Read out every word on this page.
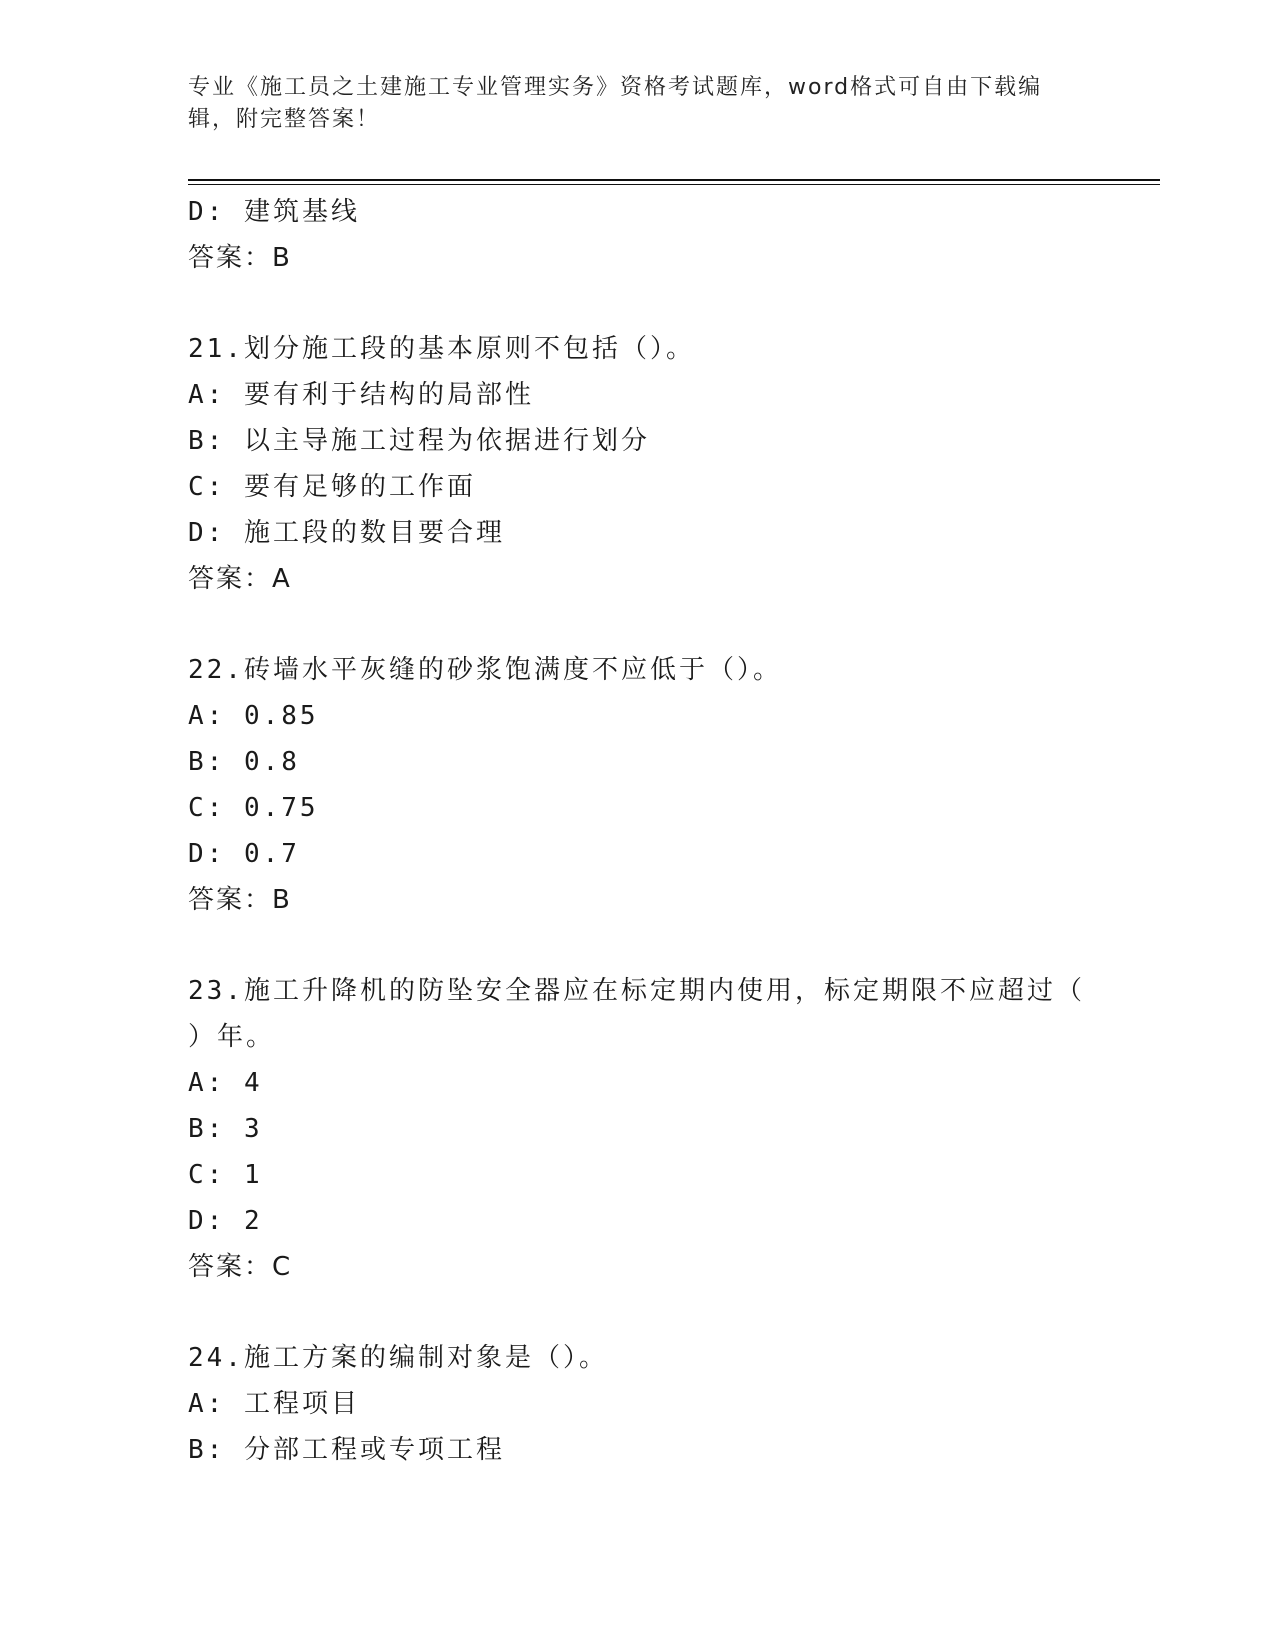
专业《施工员之土建施工专业管理实务》资格考试题库，word格式可自由下载编
辑，附完整答案！
D: 建筑基线
答案：B
21.划分施工段的基本原则不包括（）。
A: 要有利于结构的局部性
B: 以主导施工过程为依据进行划分
C: 要有足够的工作面
D: 施工段的数目要合理
答案：A
22.砖墙水平灰缝的砂浆饱满度不应低于（）。
A: 0.85
B: 0.8
C: 0.75
D: 0.7
答案：B
23.施工升降机的防坠安全器应在标定期内使用，标定期限不应超过（
）年。
A: 4
B: 3
C: 1
D: 2
答案：C
24.施工方案的编制对象是（）。
A: 工程项目
B: 分部工程或专项工程
